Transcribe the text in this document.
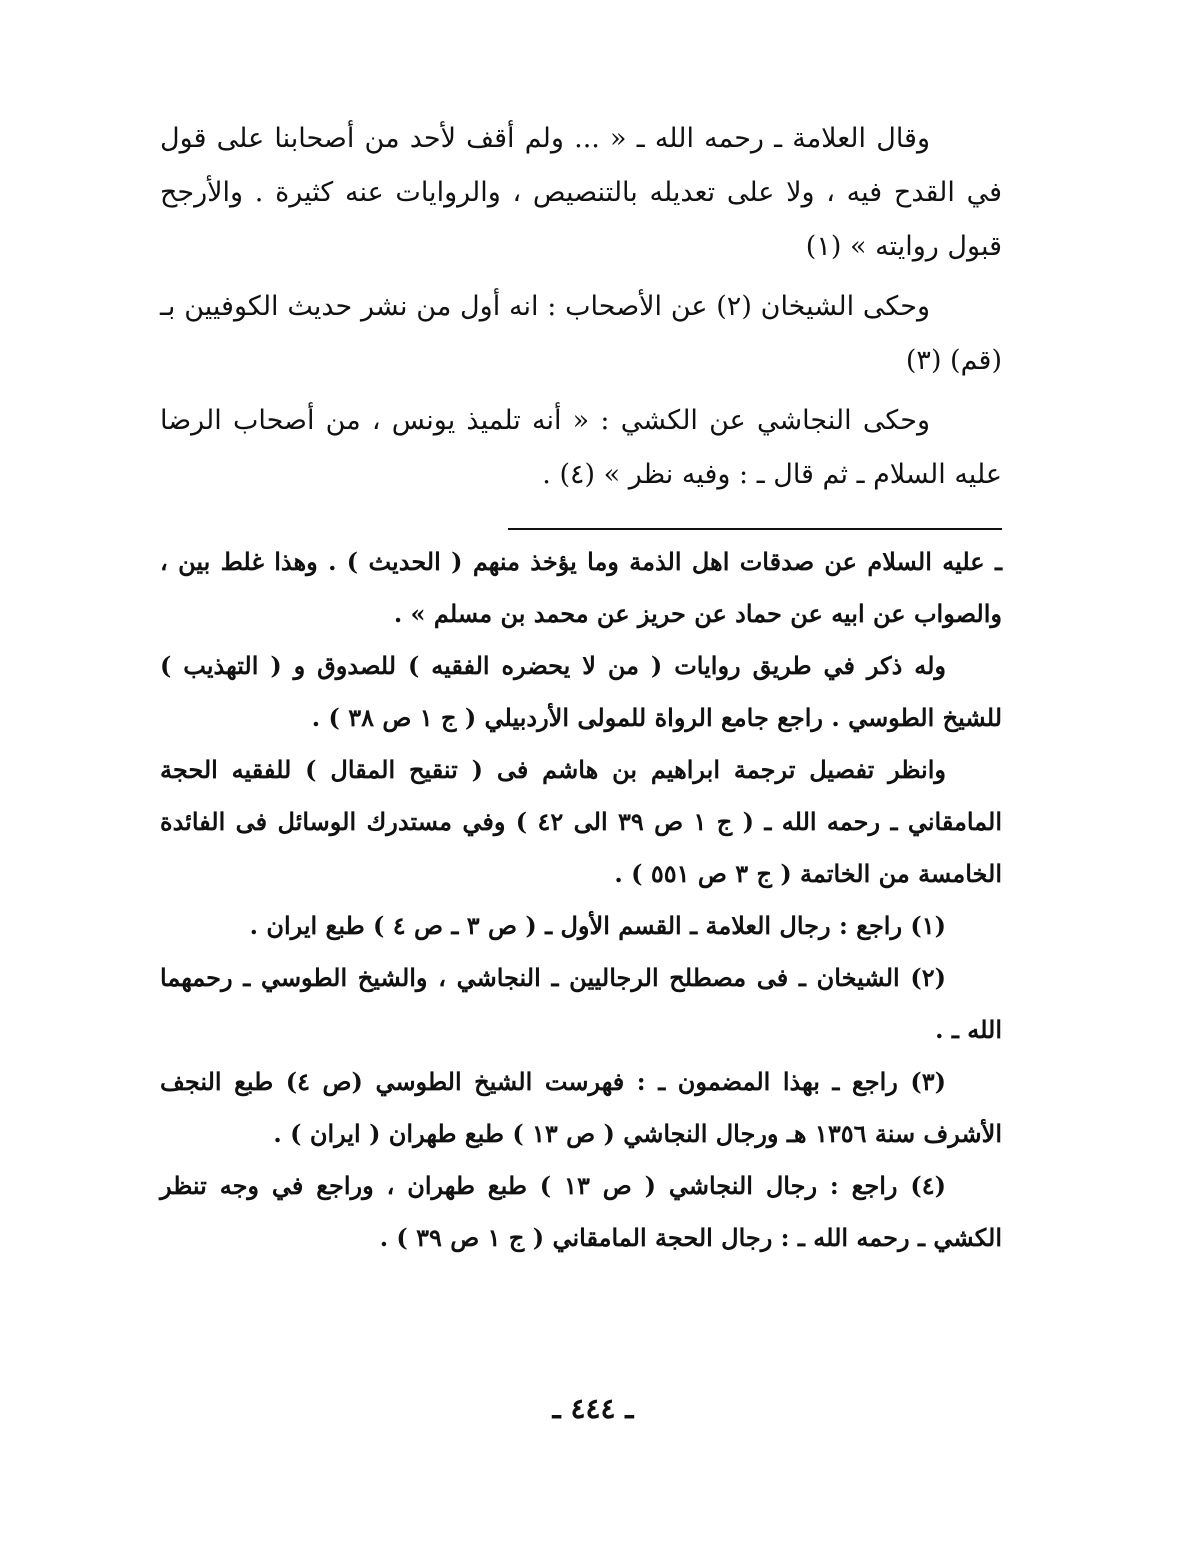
وقال العلامة ـ رحمه الله ـ « ... ولم أقف لأحد من أصحابنا على قول في القدح فيه ، ولا على تعديله بالتنصيص ، والروايات عنه كثيرة . والأرجح قبول روايته » (١)

وحكى الشيخان (٢) عن الأصحاب : انه أول من نشر حديث الكوفيين بـ (قم) (٣)

وحكى النجاشي عن الكشي : « أنه تلميذ يونس ، من أصحاب الرضا عليه السلام ـ ثم قال ـ : وفيه نظر » (٤) .

ـ عليه السلام عن صدقات اهل الذمة وما يؤخذ منهم ( الحديث ) . وهذا غلط بين ، والصواب عن ابيه عن حماد عن حريز عن محمد بن مسلم » .

وله ذكر في طريق روايات ( من لا يحضره الفقيه ) للصدوق و ( التهذيب ) للشيخ الطوسي . راجع جامع الرواة للمولى الأردبيلي ( ج ١ ص ٣٨ ) .

وانظر تفصيل ترجمة ابراهيم بن هاشم فى ( تنقيح المقال ) للفقيه الحجة المامقاني ـ رحمه الله ـ ( ج ١ ص ٣٩ الى ٤٢ ) وفي مستدرك الوسائل فى الفائدة الخامسة من الخاتمة ( ج ٣ ص ٥٥١ ) .

(١) راجع : رجال العلامة ـ القسم الأول ـ ( ص ٣ ـ ص ٤ ) طبع ايران .

(٢) الشيخان ـ فى مصطلح الرجاليين ـ النجاشي ، والشيخ الطوسي ـ رحمهما الله ـ .

(٣) راجع ـ بهذا المضمون ـ : فهرست الشيخ الطوسي (ص ٤) طبع النجف الأشرف سنة ١٣٥٦ هـ ورجال النجاشي ( ص ١٣ ) طبع طهران ( ايران ) .

(٤) راجع : رجال النجاشي ( ص ١٣ ) طبع طهران ، وراجع في وجه تنظر الكشي ـ رحمه الله ـ : رجال الحجة المامقاني ( ج ١ ص ٣٩ ) .

ـ ٤٤٤ ـ
